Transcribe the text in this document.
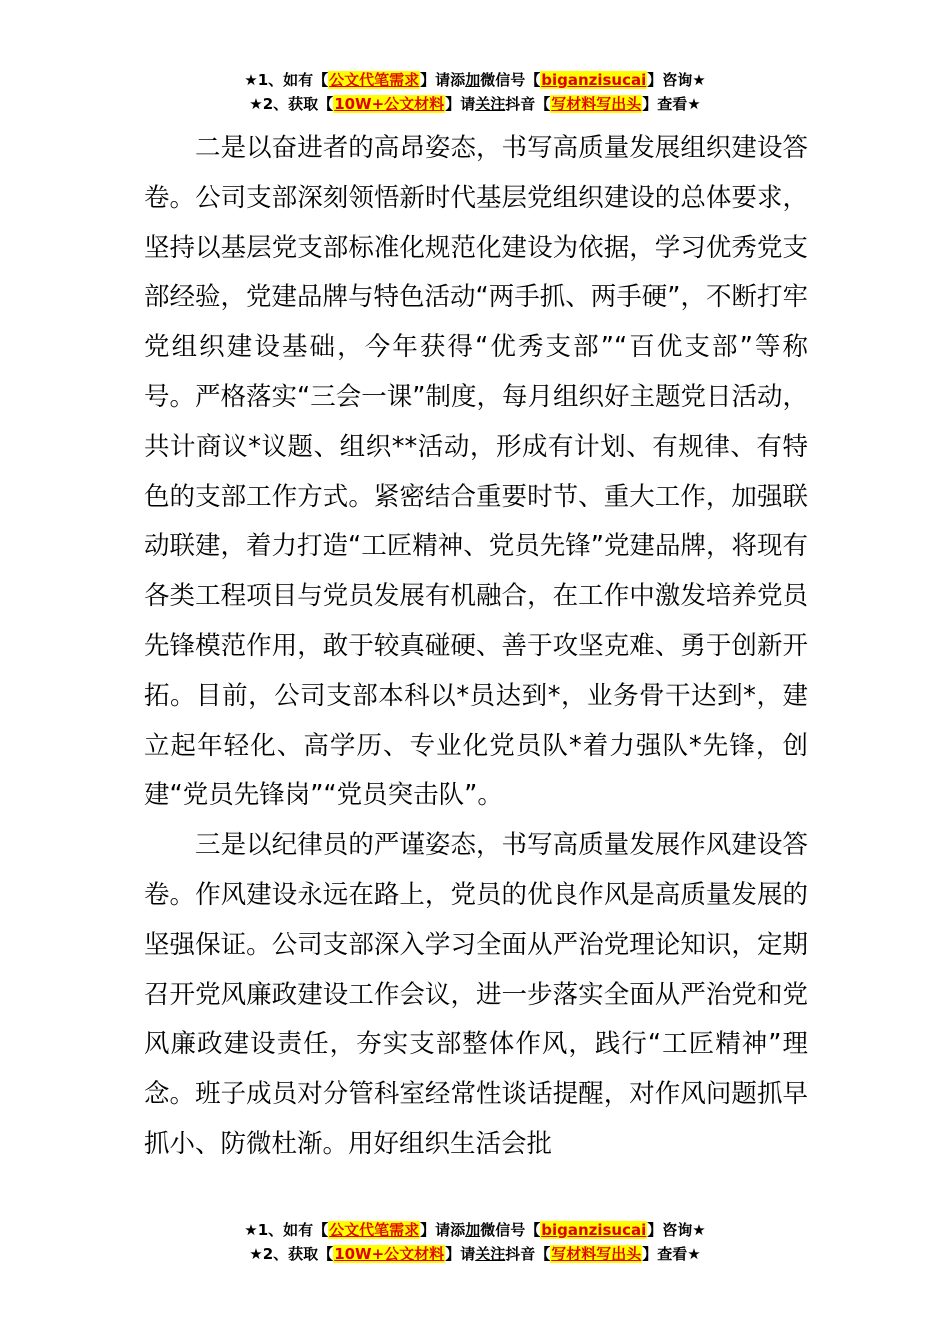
★1、如有【公文代笔需求】请添加微信号【biganzisucai】咨询★
★2、获取【10W+公文材料】请关注抖音【写材料写出头】查看★

二是以奋进者的高昂姿态，书写高质量发展组织建设答卷。公司支部深刻领悟新时代基层党组织建设的总体要求，坚持以基层党支部标准化规范化建设为依据，学习优秀党支部经验，党建品牌与特色活动“两手抓、两手硬”，不断打牢党组织建设基础，今年获得“优秀支部”“百优支部”等称号。严格落实“三会一课”制度，每月组织好主题党日活动，共计商议*议题、组织**活动，形成有计划、有规律、有特色的支部工作方式。紧密结合重要时节、重大工作，加强联动联建，着力打造“工匠精神、党员先锋”党建品牌，将现有各类工程项目与党员发展有机融合，在工作中激发培养党员先锋模范作用，敢于较真碰硬、善于攻坚克难、勇于创新开拓。目前，公司支部本科以*员达到*，业务骨干达到*，建立起年轻化、高学历、专业化党员队*着力强队*先锋，创建“党员先锋岗”“党员突击队”。

三是以纪律员的严谨姿态，书写高质量发展作风建设答卷。作风建设永远在路上，党员的优良作风是高质量发展的坚强保证。公司支部深入学习全面从严治党理论知识，定期召开党风廉政建设工作会议，进一步落实全面从严治党和党风廉政建设责任，夯实支部整体作风，践行“工匠精神”理念。班子成员对分管科室经常性谈话提醒，对作风问题抓早抓小、防微杜渐。用好组织生活会批

★1、如有【公文代笔需求】请添加微信号【biganzisucai】咨询★
★2、获取【10W+公文材料】请关注抖音【写材料写出头】查看★
